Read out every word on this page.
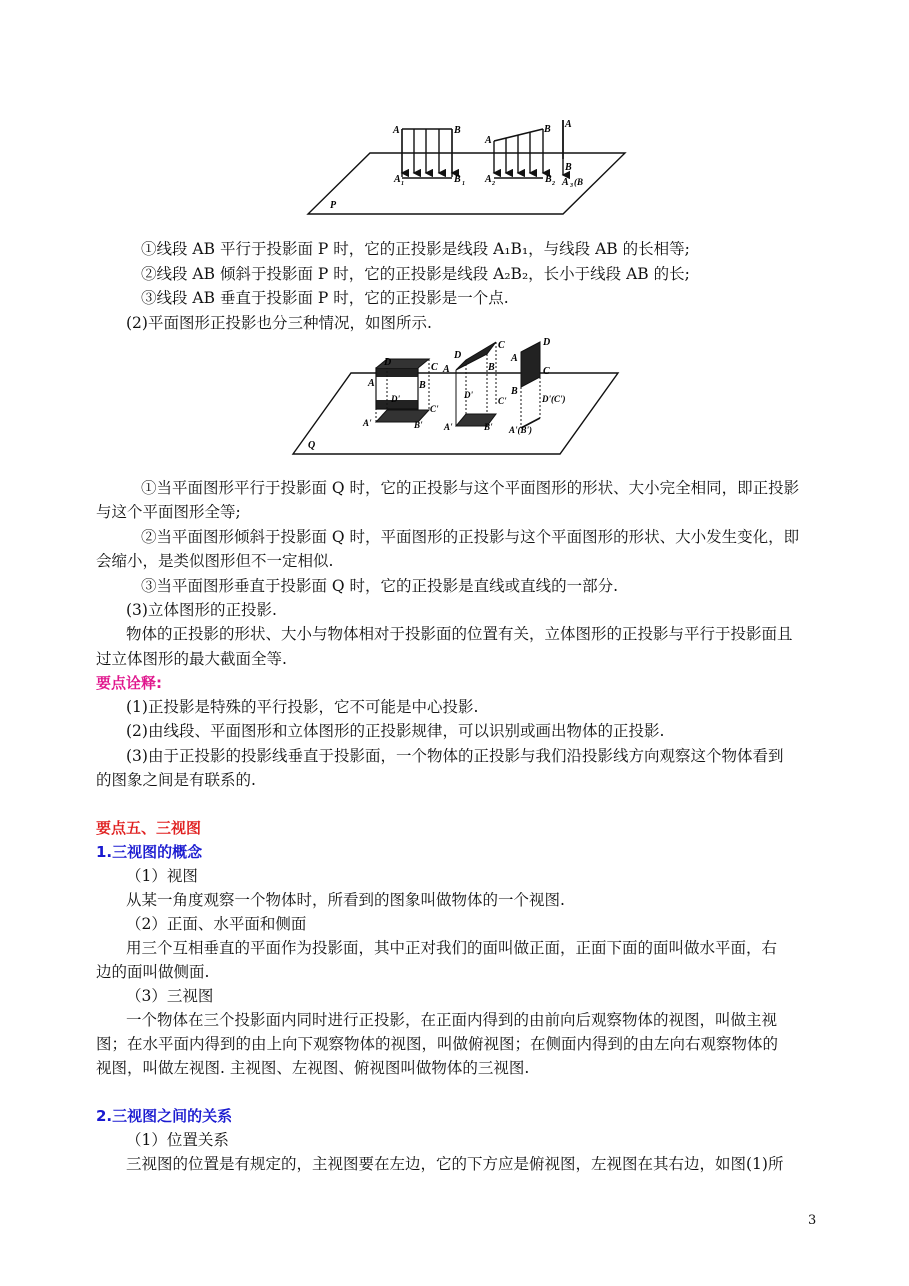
A	B
A 1	B 1
A
B
A 2	B 2
A
B
A 3 (B
P
①线段 AB 平行于投影面 P 时，它的正投影是线段 A₁B₁，与线段 AB 的长相等;
②线段 AB 倾斜于投影面 P 时，它的正投影是线段 A₂B₂，长小于线段 AB 的长;
③线段 AB 垂直于投影面 P 时，它的正投影是一个点.
(2)平面图形正投影也分三种情况，如图所示.
D	C
A	B
D'
C'
A'	B'
D
C
A	B
D'
C'
A'	B'
A
D
B
C
D'(C')
A'(B')
Q
①当平面图形平行于投影面 Q 时，它的正投影与这个平面图形的形状、大小完全相同，即正投影
与这个平面图形全等;
②当平面图形倾斜于投影面 Q 时，平面图形的正投影与这个平面图形的形状、大小发生变化，即
会缩小，是类似图形但不一定相似.
③当平面图形垂直于投影面 Q 时，它的正投影是直线或直线的一部分.
(3)立体图形的正投影.
物体的正投影的形状、大小与物体相对于投影面的位置有关，立体图形的正投影与平行于投影面且
过立体图形的最大截面全等.
要点诠释:
(1)正投影是特殊的平行投影，它不可能是中心投影.
(2)由线段、平面图形和立体图形的正投影规律，可以识别或画出物体的正投影.
(3)由于正投影的投影线垂直于投影面，一个物体的正投影与我们沿投影线方向观察这个物体看到
的图象之间是有联系的.
要点五、三视图
1.三视图的概念
（1）视图
从某一角度观察一个物体时，所看到的图象叫做物体的一个视图.
（2）正面、水平面和侧面
用三个互相垂直的平面作为投影面，其中正对我们的面叫做正面，正面下面的面叫做水平面，右
边的面叫做侧面.
（3）三视图
一个物体在三个投影面内同时进行正投影，在正面内得到的由前向后观察物体的视图，叫做主视
图；在水平面内得到的由上向下观察物体的视图，叫做俯视图；在侧面内得到的由左向右观察物体的
视图，叫做左视图. 主视图、左视图、俯视图叫做物体的三视图.
2.三视图之间的关系
（1）位置关系
三视图的位置是有规定的，主视图要在左边，它的下方应是俯视图，左视图在其右边，如图(1)所
3
